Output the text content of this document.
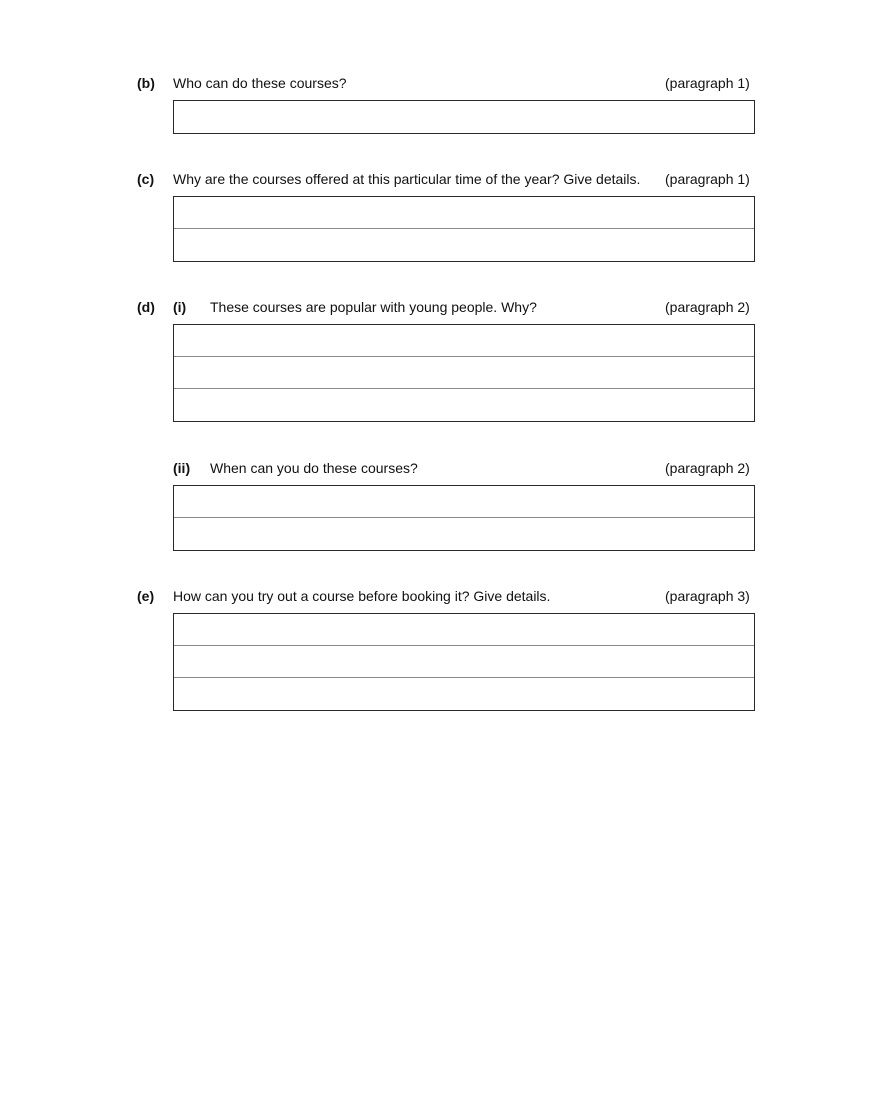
(b) Who can do these courses?	(paragraph 1)
(c) Why are the courses offered at this particular time of the year? Give details. (paragraph 1)
(d) (i) These courses are popular with young people. Why?	(paragraph 2)
(ii) When can you do these courses?	(paragraph 2)
(e) How can you try out a course before booking it? Give details.	(paragraph 3)
